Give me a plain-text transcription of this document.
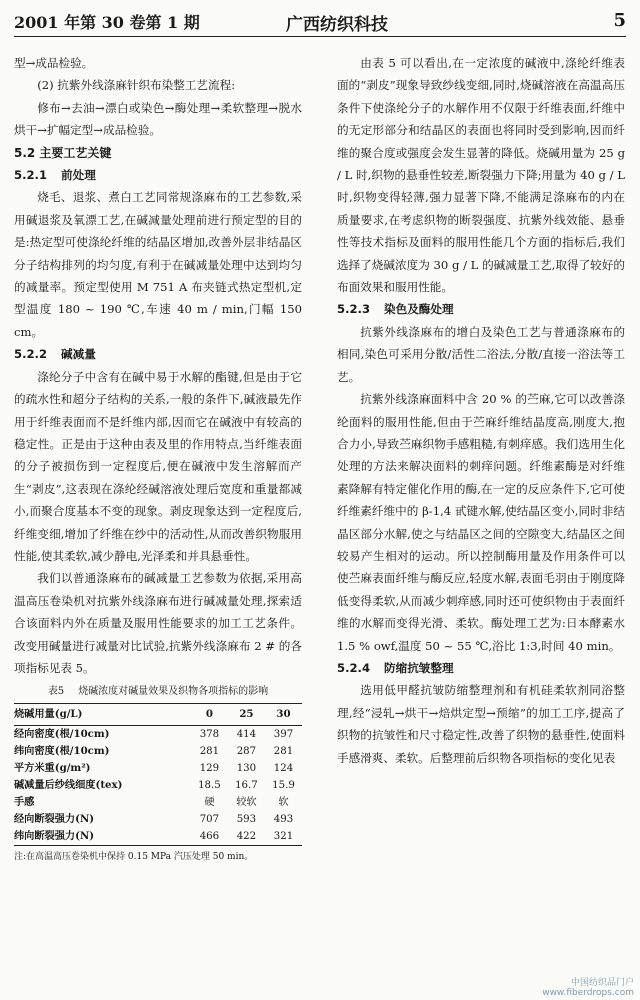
2001 年第 30 卷第 1 期	广西纺织科技	5

型→成品检验。

(2) 抗紫外线涤麻针织布染整工艺流程:

修布→去油→漂白或染色→酶处理→柔软整理→脱水烘干→扩幅定型→成品检验。

5.2 主要工艺关键

5.2.1 前处理

烧毛、退浆、煮白工艺同常规涤麻布的工艺参数,采用碱退浆及氧漂工艺,在碱减量处理前进行预定型的目的是:热定型可使涤纶纤维的结晶区增加,改善外层非结晶区分子结构排列的均匀度,有利于在碱减量处理中达到均匀的减量率。预定型使用 M 751 A 布夹链式热定型机,定型温度 180 ~ 190 ℃,车速 40 m / min,门幅 150 cm。

5.2.2 碱减量

涤纶分子中含有在碱中易于水解的酯键,但是由于它的疏水性和超分子结构的关系,一般的条件下,碱液最先作用于纤维表面而不是纤维内部,因而它在碱液中有较高的稳定性。正是由于这种由表及里的作用特点,当纤维表面的分子被损伤到一定程度后,便在碱液中发生溶解而产生“剥皮”,这表现在涤纶经碱溶液处理后宽度和重量都减小,而聚合度基本不变的现象。剥皮现象达到一定程度后,纤维变细,增加了纤维在纱中的活动性,从而改善织物服用性能,使其柔软,减少静电,光泽柔和并具悬垂性。

我们以普通涤麻布的碱减量工艺参数为依据,采用高温高压卷染机对抗紫外线涤麻布进行碱减量处理,探索适合该面料内外在质量及服用性能要求的加工工艺条件。改变用碱量进行减量对比试验,抗紫外线涤麻布 2 # 的各项指标见表 5。

表5 烧碱浓度对碱量效果及织物各项指标的影响
烧碱用量(g/L)	0	25	30
经向密度(根/10cm)	378	414	397
纬向密度(根/10cm)	281	287	281
平方米重(g/m²)	129	130	124
碱减量后纱线细度(tex)	18.5	16.7	15.9
手感	硬	较软	软
经向断裂强力(N)	707	593	493
纬向断裂强力(N)	466	422	321

注:在高温高压卷染机中保持 0.15 MPa 汽压处理 50 min。

由表 5 可以看出,在一定浓度的碱液中,涤纶纤维表面的“剥皮”现象导致纱线变细,同时,烧碱溶液在高温高压条件下使涤纶分子的水解作用不仅限于纤维表面,纤维中的无定形部分和结晶区的表面也将同时受到影响,因而纤维的聚合度或强度会发生显著的降低。烧碱用量为 25 g / L 时,织物的悬垂性较差,断裂强力下降;用量为 40 g / L 时,织物变得轻薄,强力显著下降,不能满足涤麻布的内在质量要求,在考虑织物的断裂强度、抗紫外线效能、悬垂性等技术指标及面料的服用性能几个方面的指标后,我们选择了烧碱浓度为 30 g / L 的碱减量工艺,取得了较好的布面效果和服用性能。

5.2.3 染色及酶处理

抗紫外线涤麻布的增白及染色工艺与普通涤麻布的相同,染色可采用分散/活性二浴法,分散/直接一浴法等工艺。

抗紫外线涤麻面料中含 20 % 的苎麻,它可以改善涤纶面料的服用性能,但由于苎麻纤维结晶度高,刚度大,抱合力小,导致苎麻织物手感粗糙,有刺痒感。我们选用生化处理的方法来解决面料的刺痒问题。纤维素酶是对纤维素降解有特定催化作用的酶,在一定的反应条件下,它可使纤维素纤维中的 β-1,4 甙键水解,使结晶区变小,同时非结晶区部分水解,使之与结晶区之间的空隙变大,结晶区之间较易产生相对的运动。所以控制酶用量及作用条件可以使苎麻表面纤维与酶反应,轻度水解,表面毛羽由于刚度降低变得柔软,从而减少刺痒感,同时还可使织物由于表面纤维的水解而变得光滑、柔软。酶处理工艺为:日本酵素水 1.5 % owf,温度 50 ~ 55 ℃,浴比 1:3,时间 40 min。

5.2.4 防缩抗皱整理

选用低甲醛抗皱防缩整理剂和有机硅柔软剂同浴整理,经“浸轧→烘干→焙烘定型→预缩”的加工工序,提高了织物的抗皱性和尺寸稳定性,改善了织物的悬垂性,使面料手感滑爽、柔软。后整理前后织物各项指标的变化见表

中国纺织品门户
www.fiberdrops.com
